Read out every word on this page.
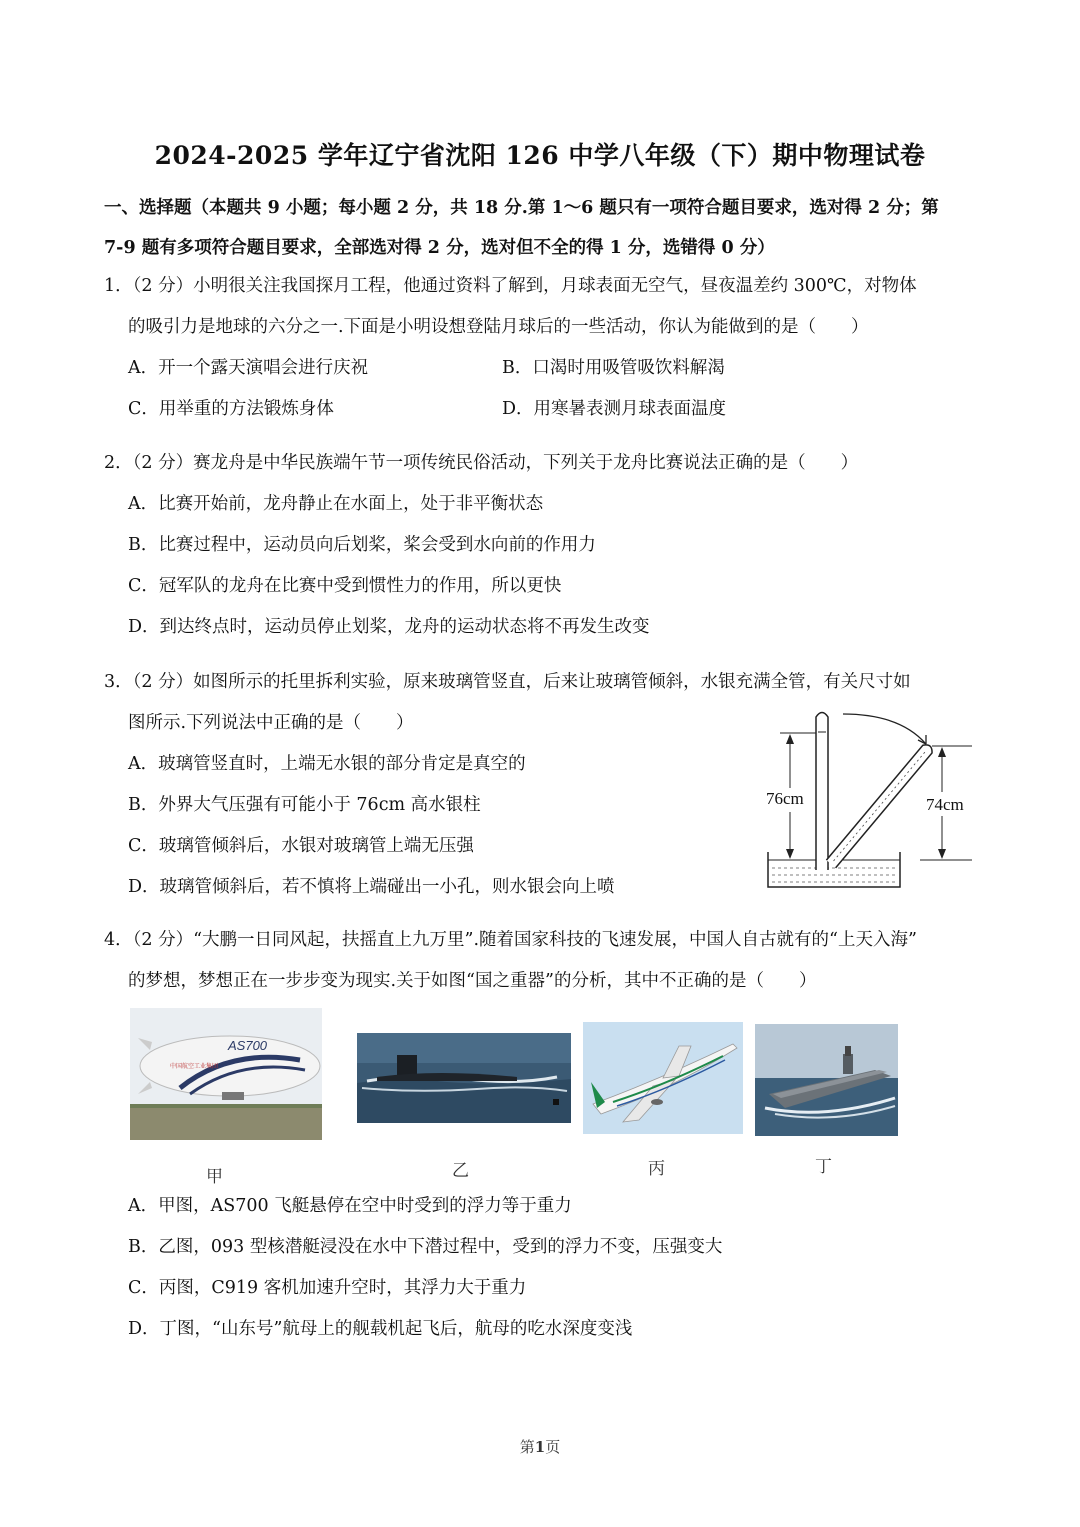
2024-2025 学年辽宁省沈阳 126 中学八年级（下）期中物理试卷
一、选择题（本题共 9 小题；每小题 2 分，共 18 分.第 1～6 题只有一项符合题目要求，选对得 2 分；第
7-9 题有多项符合题目要求，全部选对得 2 分，选对但不全的得 1 分，选错得 0 分）
1．（2 分）小明很关注我国探月工程，他通过资料了解到，月球表面无空气，昼夜温差约 300℃，对物体
的吸引力是地球的六分之一.下面是小明设想登陆月球后的一些活动，你认为能做到的是（　　）
A．开一个露天演唱会进行庆祝	B．口渴时用吸管吸饮料解渴
C．用举重的方法锻炼身体	D．用寒暑表测月球表面温度
2．（2 分）赛龙舟是中华民族端午节一项传统民俗活动，下列关于龙舟比赛说法正确的是（　　）
A．比赛开始前，龙舟静止在水面上，处于非平衡状态
B．比赛过程中，运动员向后划桨，桨会受到水向前的作用力
C．冠军队的龙舟在比赛中受到惯性力的作用，所以更快
D．到达终点时，运动员停止划桨，龙舟的运动状态将不再发生改变
3．（2 分）如图所示的托里拆利实验，原来玻璃管竖直，后来让玻璃管倾斜，水银充满全管，有关尺寸如
图所示.下列说法中正确的是（　　）
A．玻璃管竖直时，上端无水银的部分肯定是真空的
B．外界大气压强有可能小于 76cm 高水银柱
C．玻璃管倾斜后，水银对玻璃管上端无压强
D．玻璃管倾斜后，若不慎将上端碰出一小孔，则水银会向上喷
76cm	74cm
4．（2 分）“大鹏一日同风起，扶摇直上九万里”.随着国家科技的飞速发展，中国人自古就有的“上天入海”
的梦想，梦想正在一步步变为现实.关于如图“国之重器”的分析，其中不正确的是（　　）
AS700
中国航空工业集团
甲	乙	丙	丁
A．甲图，AS700 飞艇悬停在空中时受到的浮力等于重力
B．乙图，093 型核潜艇浸没在水中下潜过程中，受到的浮力不变，压强变大
C．丙图，C919 客机加速升空时，其浮力大于重力
D．丁图，“山东号”航母上的舰载机起飞后，航母的吃水深度变浅
第1页
